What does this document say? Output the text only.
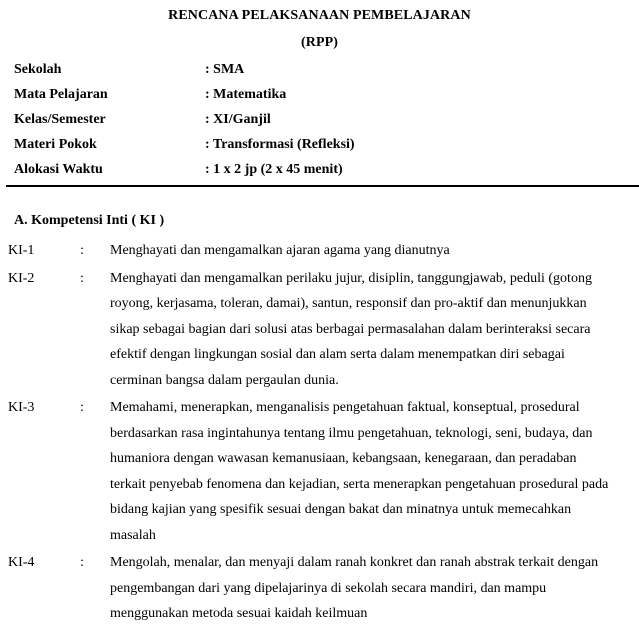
RENCANA PELAKSANAAN PEMBELAJARAN
(RPP)
Sekolah	: SMA
Mata Pelajaran	: Matematika
Kelas/Semester	: XI/Ganjil
Materi Pokok	: Transformasi (Refleksi)
Alokasi Waktu	: 1 x 2 jp (2 x 45 menit)
A. Kompetensi Inti ( KI )
KI-1	: Menghayati dan mengamalkan ajaran agama yang dianutnya
KI-2	: Menghayati dan mengamalkan perilaku jujur, disiplin, tanggungjawab, peduli (gotong royong, kerjasama, toleran, damai), santun, responsif dan pro-aktif dan menunjukkan sikap sebagai bagian dari solusi atas berbagai permasalahan dalam berinteraksi secara efektif dengan lingkungan sosial dan alam serta dalam menempatkan diri sebagai cerminan bangsa dalam pergaulan dunia.
KI-3	: Memahami, menerapkan, menganalisis pengetahuan faktual, konseptual, prosedural berdasarkan rasa ingintahunya tentang ilmu pengetahuan, teknologi, seni, budaya, dan humaniora dengan wawasan kemanusiaan, kebangsaan, kenegaraan, dan peradaban terkait penyebab fenomena dan kejadian, serta menerapkan pengetahuan prosedural pada bidang kajian yang spesifik sesuai dengan bakat dan minatnya untuk memecahkan masalah
KI-4	: Mengolah, menalar, dan menyaji dalam ranah konkret dan ranah abstrak terkait dengan pengembangan dari yang dipelajarinya di sekolah secara mandiri, dan mampu menggunakan metoda sesuai kaidah keilmuan
